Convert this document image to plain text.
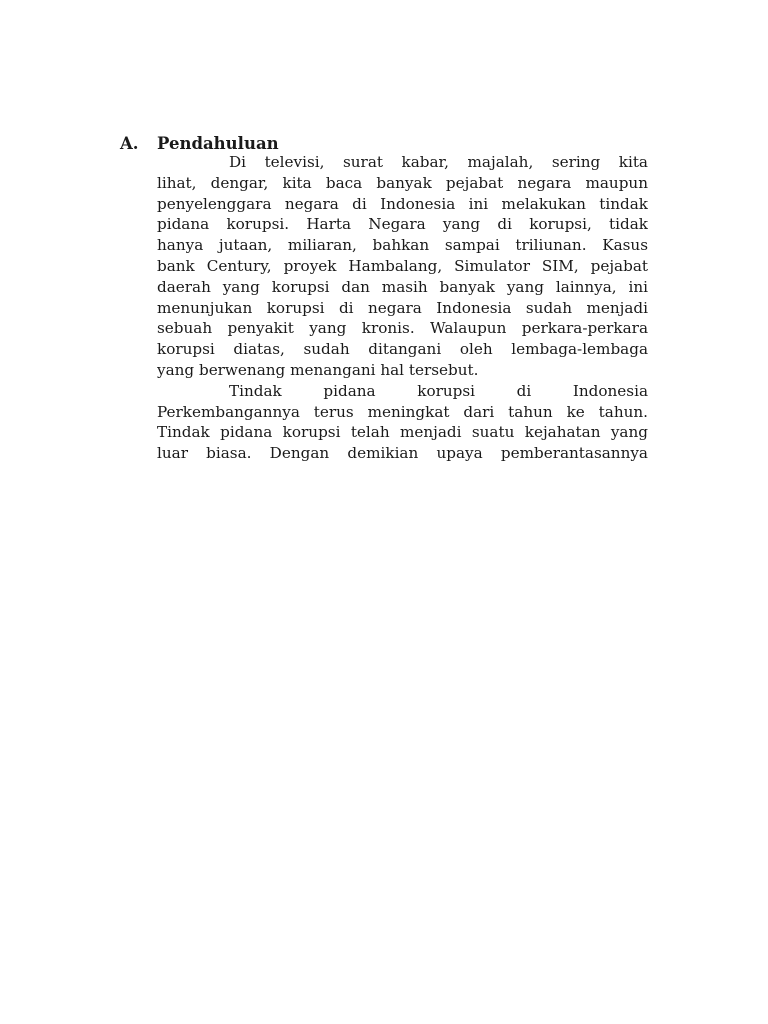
A. Pendahuluan
Di televisi, surat kabar, majalah, sering kita
lihat, dengar, kita baca banyak pejabat negara maupun
penyelenggara negara di Indonesia ini melakukan tindak
pidana korupsi. Harta Negara yang di korupsi, tidak
hanya jutaan, miliaran, bahkan sampai triliunan. Kasus
bank Century, proyek Hambalang, Simulator SIM, pejabat
daerah yang korupsi dan masih banyak yang lainnya, ini
menunjukan korupsi di negara Indonesia sudah menjadi
sebuah penyakit yang kronis. Walaupun perkara-perkara
korupsi diatas, sudah ditangani oleh lembaga-lembaga
yang berwenang menangani hal tersebut.
Tindak pidana korupsi di Indonesia
Perkembangannya terus meningkat dari tahun ke tahun.
Tindak pidana korupsi telah menjadi suatu kejahatan yang
luar biasa. Dengan demikian upaya pemberantasannya
